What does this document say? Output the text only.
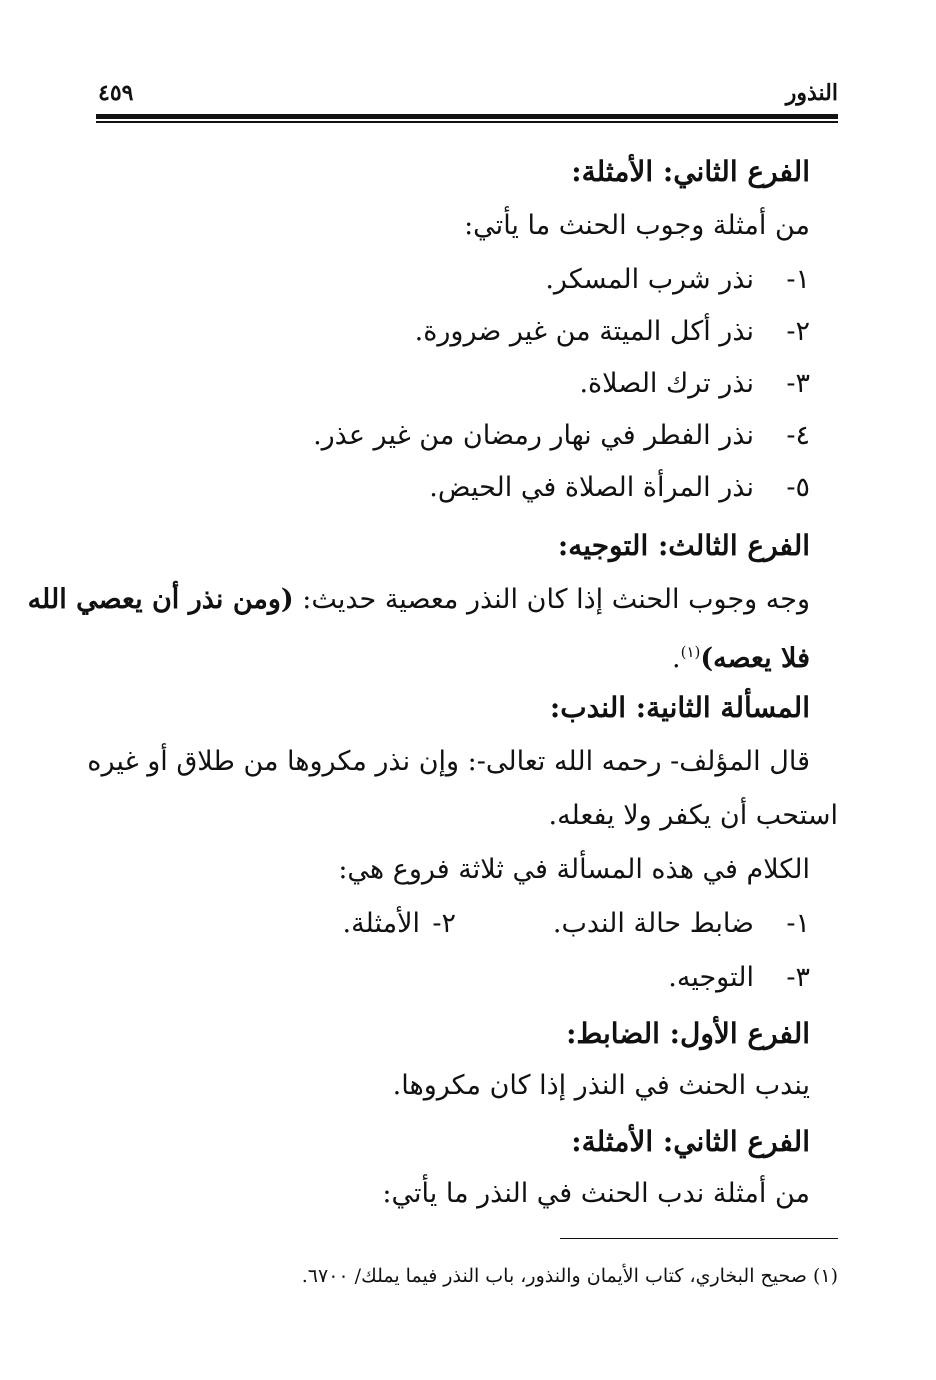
النذور
٤٥٩
الفرع الثاني: الأمثلة:
من أمثلة وجوب الحنث ما يأتي:
١-نذر شرب المسكر.
٢-نذر أكل الميتة من غير ضرورة.
٣-نذر ترك الصلاة.
٤-نذر الفطر في نهار رمضان من غير عذر.
٥-نذر المرأة الصلاة في الحيض.
الفرع الثالث: التوجيه:
وجه وجوب الحنث إذا كان النذر معصية حديث: (ومن نذر أن يعصي الله
فلا يعصه)$^{(١)}$.
المسألة الثانية: الندب:
قال المؤلف- رحمه الله تعالى-: وإن نذر مكروها من طلاق أو غيره
استحب أن يكفر ولا يفعله.
الكلام في هذه المسألة في ثلاثة فروع هي:
١-ضابط حالة الندب.
٢-الأمثلة.
٣-التوجيه.
الفرع الأول: الضابط:
يندب الحنث في النذر إذا كان مكروها.
الفرع الثاني: الأمثلة:
من أمثلة ندب الحنث في النذر ما يأتي:
(١) صحيح البخاري، كتاب الأيمان والنذور، باب النذر فيما يملك/ ٦٧٠٠.
